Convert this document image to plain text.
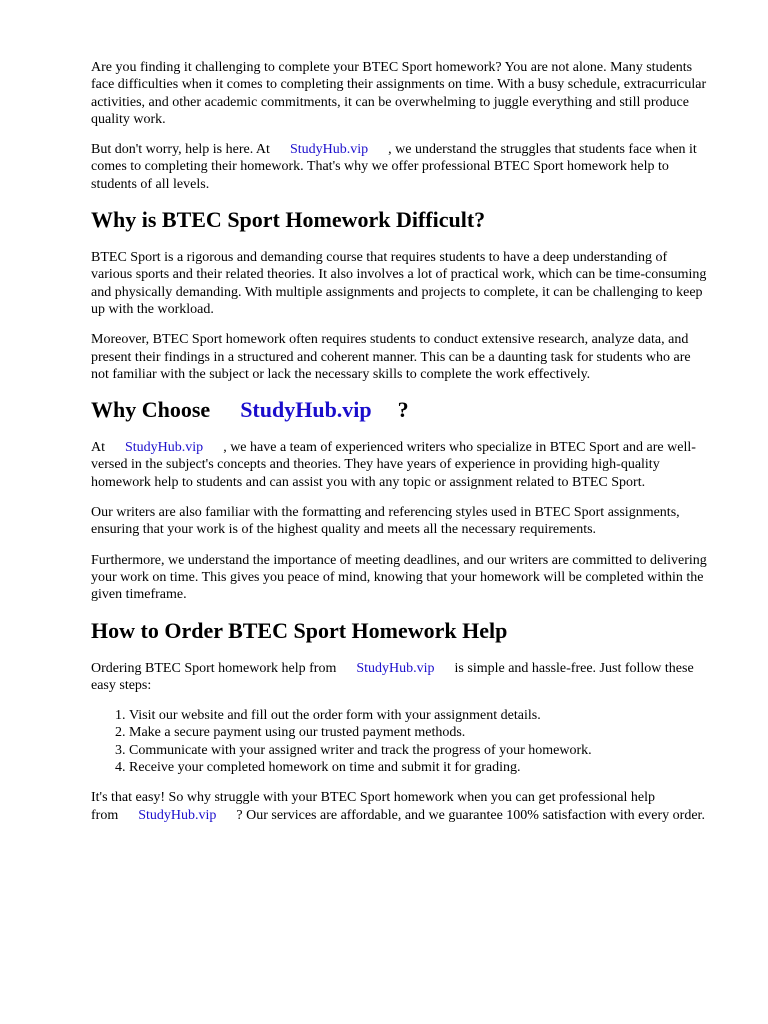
Are you finding it challenging to complete your BTEC Sport homework? You are not alone. Many students face difficulties when it comes to completing their assignments on time. With a busy schedule, extracurricular activities, and other academic commitments, it can be overwhelming to juggle everything and still produce quality work.

But don't worry, help is here. At StudyHub.vip , we understand the struggles that students face when it comes to completing their homework. That's why we offer professional BTEC Sport homework help to students of all levels.

Why is BTEC Sport Homework Difficult?

BTEC Sport is a rigorous and demanding course that requires students to have a deep understanding of various sports and their related theories. It also involves a lot of practical work, which can be time-consuming and physically demanding. With multiple assignments and projects to complete, it can be challenging to keep up with the workload.

Moreover, BTEC Sport homework often requires students to conduct extensive research, analyze data, and present their findings in a structured and coherent manner. This can be a daunting task for students who are not familiar with the subject or lack the necessary skills to complete the work effectively.

Why Choose StudyHub.vip ?

At StudyHub.vip , we have a team of experienced writers who specialize in BTEC Sport and are well-versed in the subject's concepts and theories. They have years of experience in providing high-quality homework help to students and can assist you with any topic or assignment related to BTEC Sport.

Our writers are also familiar with the formatting and referencing styles used in BTEC Sport assignments, ensuring that your work is of the highest quality and meets all the necessary requirements.

Furthermore, we understand the importance of meeting deadlines, and our writers are committed to delivering your work on time. This gives you peace of mind, knowing that your homework will be completed within the given timeframe.

How to Order BTEC Sport Homework Help

Ordering BTEC Sport homework help from StudyHub.vip is simple and hassle-free. Just follow these easy steps:

1. Visit our website and fill out the order form with your assignment details.
2. Make a secure payment using our trusted payment methods.
3. Communicate with your assigned writer and track the progress of your homework.
4. Receive your completed homework on time and submit it for grading.

It's that easy! So why struggle with your BTEC Sport homework when you can get professional help from StudyHub.vip ? Our services are affordable, and we guarantee 100% satisfaction with every order.
